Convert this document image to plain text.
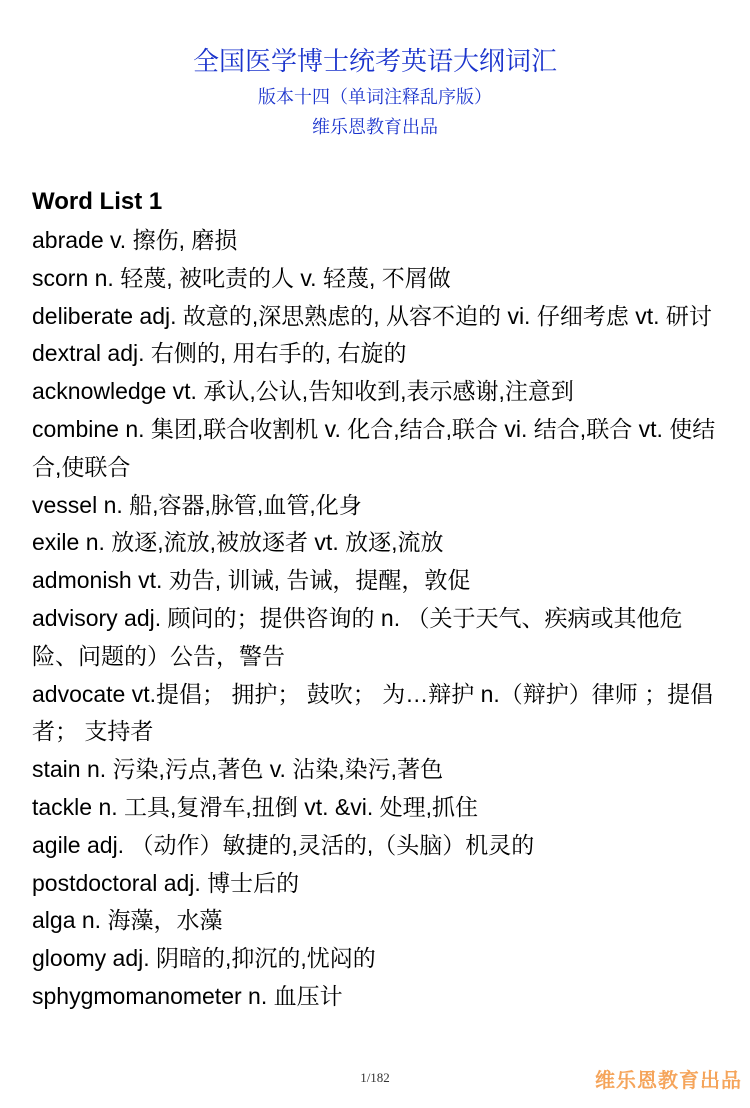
全国医学博士统考英语大纲词汇
版本十四（单词注释乱序版）
维乐恩教育出品
Word List 1
abrade v. 擦伤, 磨损
scorn n. 轻蔑, 被叱责的人 v. 轻蔑, 不屑做
deliberate adj. 故意的,深思熟虑的, 从容不迫的 vi. 仔细考虑 vt. 研讨
dextral adj. 右侧的, 用右手的, 右旋的
acknowledge vt. 承认,公认,告知收到,表示感谢,注意到
combine n. 集团,联合收割机 v. 化合,结合,联合 vi. 结合,联合 vt. 使结合,使联合
vessel n. 船,容器,脉管,血管,化身
exile n. 放逐,流放,被放逐者 vt. 放逐,流放
admonish vt. 劝告, 训诫, 告诫，提醒，敦促
advisory adj. 顾问的；提供咨询的 n. （关于天气、疾病或其他危险、问题的）公告，警告
advocate vt.提倡； 拥护； 鼓吹； 为…辩护 n.（辩护）律师 ；提倡者； 支持者
stain n. 污染,污点,著色 v. 沾染,染污,著色
tackle n. 工具,复滑车,扭倒 vt. &vi. 处理,抓住
agile adj. （动作）敏捷的,灵活的,（头脑）机灵的
postdoctoral adj. 博士后的
alga n. 海藻，水藻
gloomy adj. 阴暗的,抑沉的,忧闷的
sphygmomanometer n. 血压计
1/182	维乐恩教育出品
